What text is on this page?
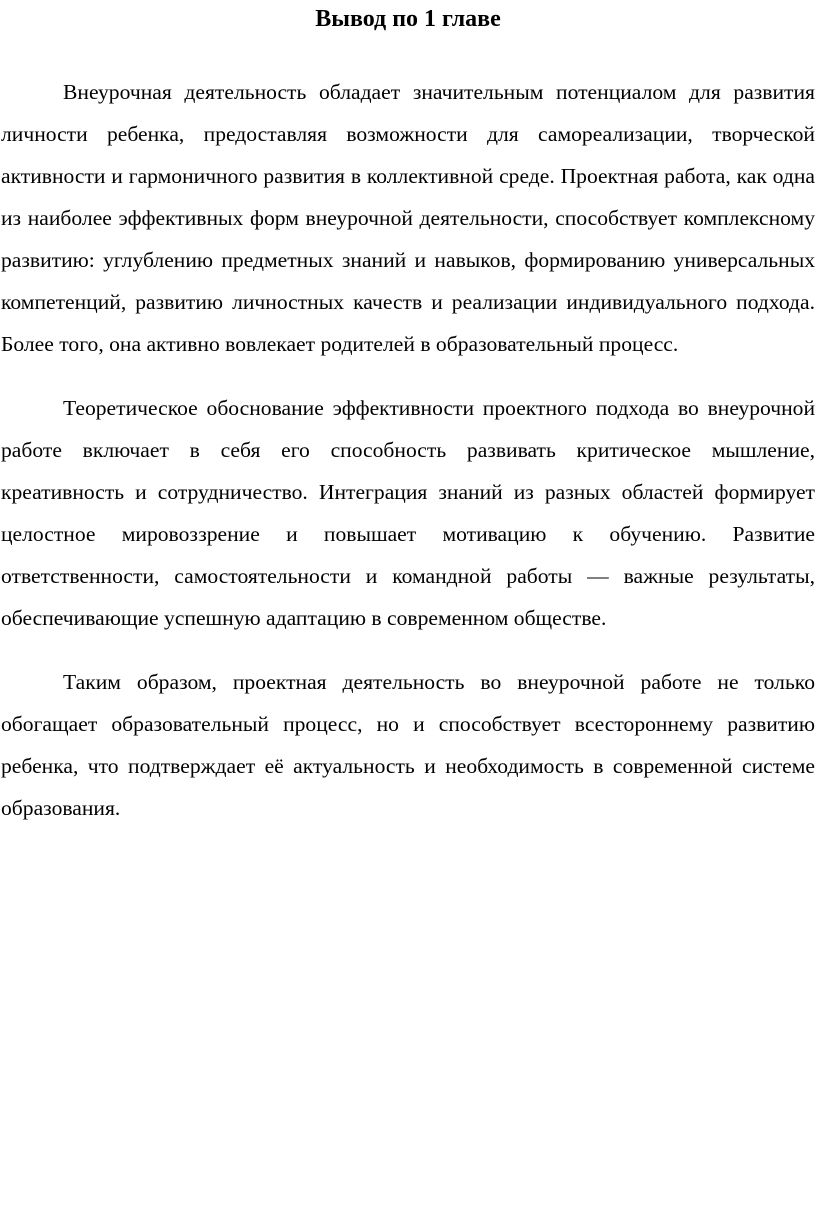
Вывод по 1 главе

Внеурочная деятельность обладает значительным потенциалом для развития личности ребенка, предоставляя возможности для самореализации, творческой активности и гармоничного развития в коллективной среде. Проектная работа, как одна из наиболее эффективных форм внеурочной деятельности, способствует комплексному развитию: углублению предметных знаний и навыков, формированию универсальных компетенций, развитию личностных качеств и реализации индивидуального подхода. Более того, она активно вовлекает родителей в образовательный процесс.

Теоретическое обоснование эффективности проектного подхода во внеурочной работе включает в себя его способность развивать критическое мышление, креативность и сотрудничество. Интеграция знаний из разных областей формирует целостное мировоззрение и повышает мотивацию к обучению. Развитие ответственности, самостоятельности и командной работы — важные результаты, обеспечивающие успешную адаптацию в современном обществе.

Таким образом, проектная деятельность во внеурочной работе не только обогащает образовательный процесс, но и способствует всестороннему развитию ребенка, что подтверждает её актуальность и необходимость в современной системе образования.
